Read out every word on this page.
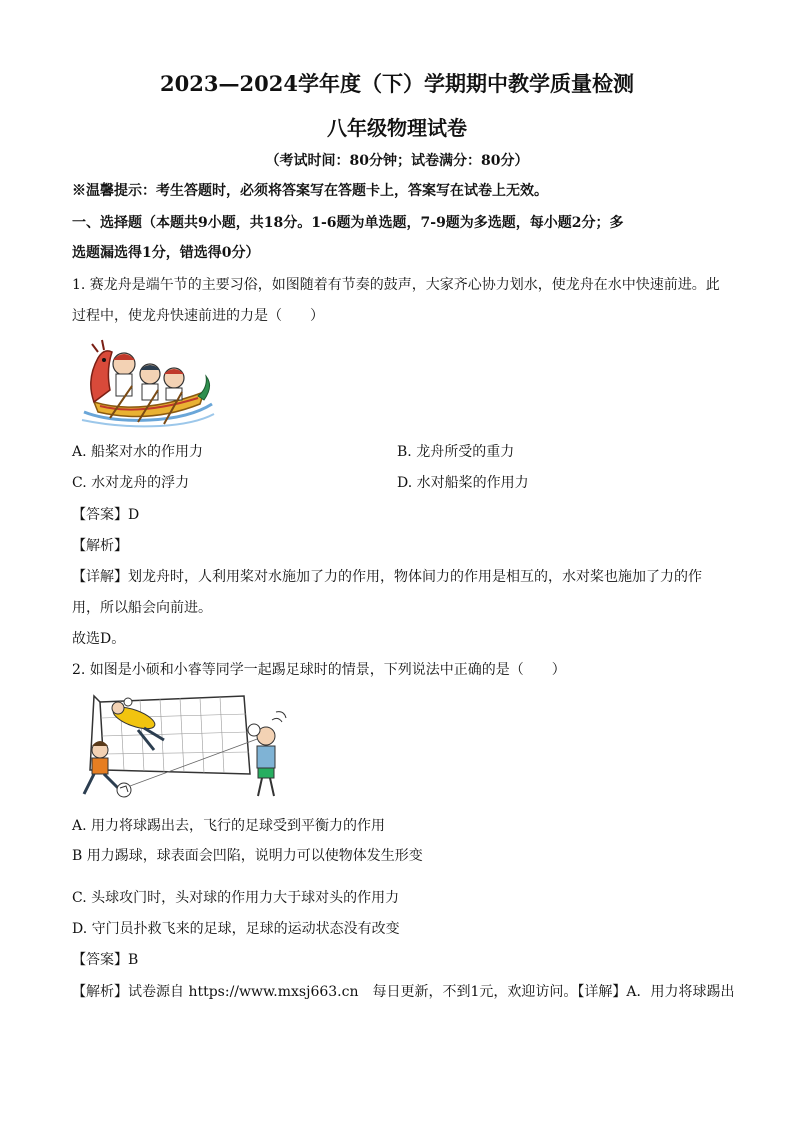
2023—2024学年度（下）学期期中教学质量检测
八年级物理试卷
（考试时间：80分钟；试卷满分：80分）
※温馨提示：考生答题时，必须将答案写在答题卡上，答案写在试卷上无效。
一、选择题（本题共9小题，共18分。1-6题为单选题，7-9题为多选题，每小题2分；多
选题漏选得1分，错选得0分）
1. 赛龙舟是端午节的主要习俗，如图随着有节奏的鼓声，大家齐心协力划水，使龙舟在水中快速前进。此
过程中，使龙舟快速前进的力是（　　）
A. 船桨对水的作用力	B. 龙舟所受的重力
C. 水对龙舟的浮力	D. 水对船桨的作用力
【答案】D
【解析】
【详解】划龙舟时，人利用桨对水施加了力的作用，物体间力的作用是相互的，水对桨也施加了力的作
用，所以船会向前进。
故选D。
2. 如图是小硕和小睿等同学一起踢足球时的情景，下列说法中正确的是（　　）
A. 用力将球踢出去，飞行的足球受到平衡力的作用
B 用力踢球，球表面会凹陷，说明力可以使物体发生形变
C. 头球攻门时，头对球的作用力大于球对头的作用力
D. 守门员扑救飞来的足球，足球的运动状态没有改变
【答案】B
【解析】试卷源自 https://www.mxsj663.cn　每日更新，不到1元，欢迎访问。【详解】A．用力将球踢出
